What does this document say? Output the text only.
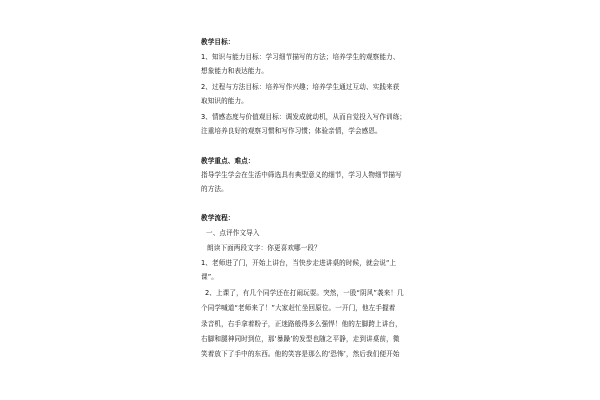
教学目标：
1、知识与能力目标：学习细节描写的方法；培养学生的观察能力、
想象能力和表达能力。
2、过程与方法目标：培养写作兴趣；培养学生通过互动、实践来获
取知识的能力。
3、情感态度与价值观目标：调发成就动机，从而自觉投入写作训练；
注重培养良好的观察习惯和写作习惯；体验亲情，学会感恩。
教学重点、难点：
指导学生学会在生活中筛选具有典型意义的细节，学习人物细节描写
的方法。
教学流程：
一、点评作文导入
朗读下面两段文字：你更喜欢哪一段？
1、老师进了门，开始上讲台，当快步走进讲桌的时候，就会说“上
课”。
2、上课了，有几个同学还在打闹玩耍。突然，一股“阴风”袭来！几
个同学喊道“老师来了！”大家赶忙坐回原位。一开门，他左手握着
录音机，右手拿着粉子，正迷路般得多么强悍！他的左脚跨上讲台，
右脚和腿神同时到位，那‘暴躁’的发型也随之平静，走到讲桌前，微
笑着放下了手中的东西。他的笑容是那么的‘恐怖’，然后我们便开始
